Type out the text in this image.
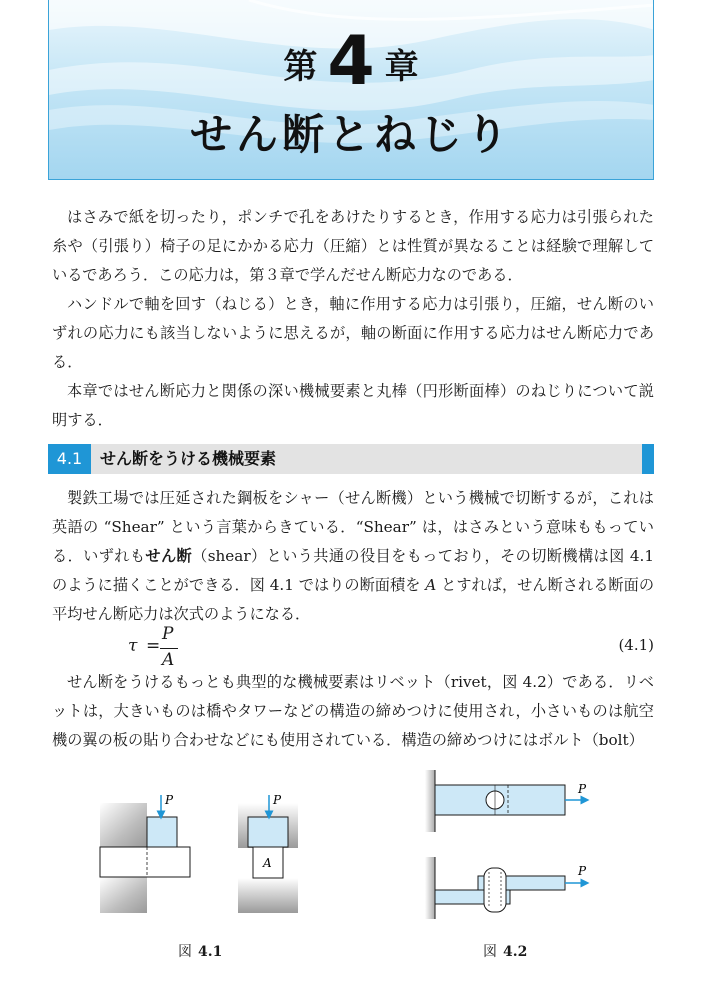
第 4 章
せん断とねじり

はさみで紙を切ったり，ポンチで孔をあけたりするとき，作用する応力は引張られた糸や（引張り）椅子の足にかかる応力（圧縮）とは性質が異なることは経験で理解しているであろう．この応力は，第３章で学んだせん断応力なのである．

ハンドルで軸を回す（ねじる）とき，軸に作用する応力は引張り，圧縮，せん断のいずれの応力にも該当しないように思えるが，軸の断面に作用する応力はせん断応力である．

本章ではせん断応力と関係の深い機械要素と丸棒（円形断面棒）のねじりについて説明する．

4.1	せん断をうける機械要素

製鉄工場では圧延された鋼板をシャー（せん断機）という機械で切断するが，これは英語の “Shear” という言葉からきている．“Shear” は，はさみという意味ももっている．いずれもせん断（shear）という共通の役目をもっており，その切断機構は図 4.1 のように描くことができる．図 4.1 ではりの断面積を A とすれば，せん断される断面の平均せん断応力は次式のようになる．

τ =
P
A
(4.1)

せん断をうけるもっとも典型的な機械要素はリベット（rivet，図 4.2）である．リベットは，大きいものは橋やタワーなどの構造の締めつけに使用され，小さいものは航空機の翼の板の貼り合わせなどにも使用されている．構造の締めつけにはボルト（bolt）

P	P
A
図 4.1
P
P
図 4.2
